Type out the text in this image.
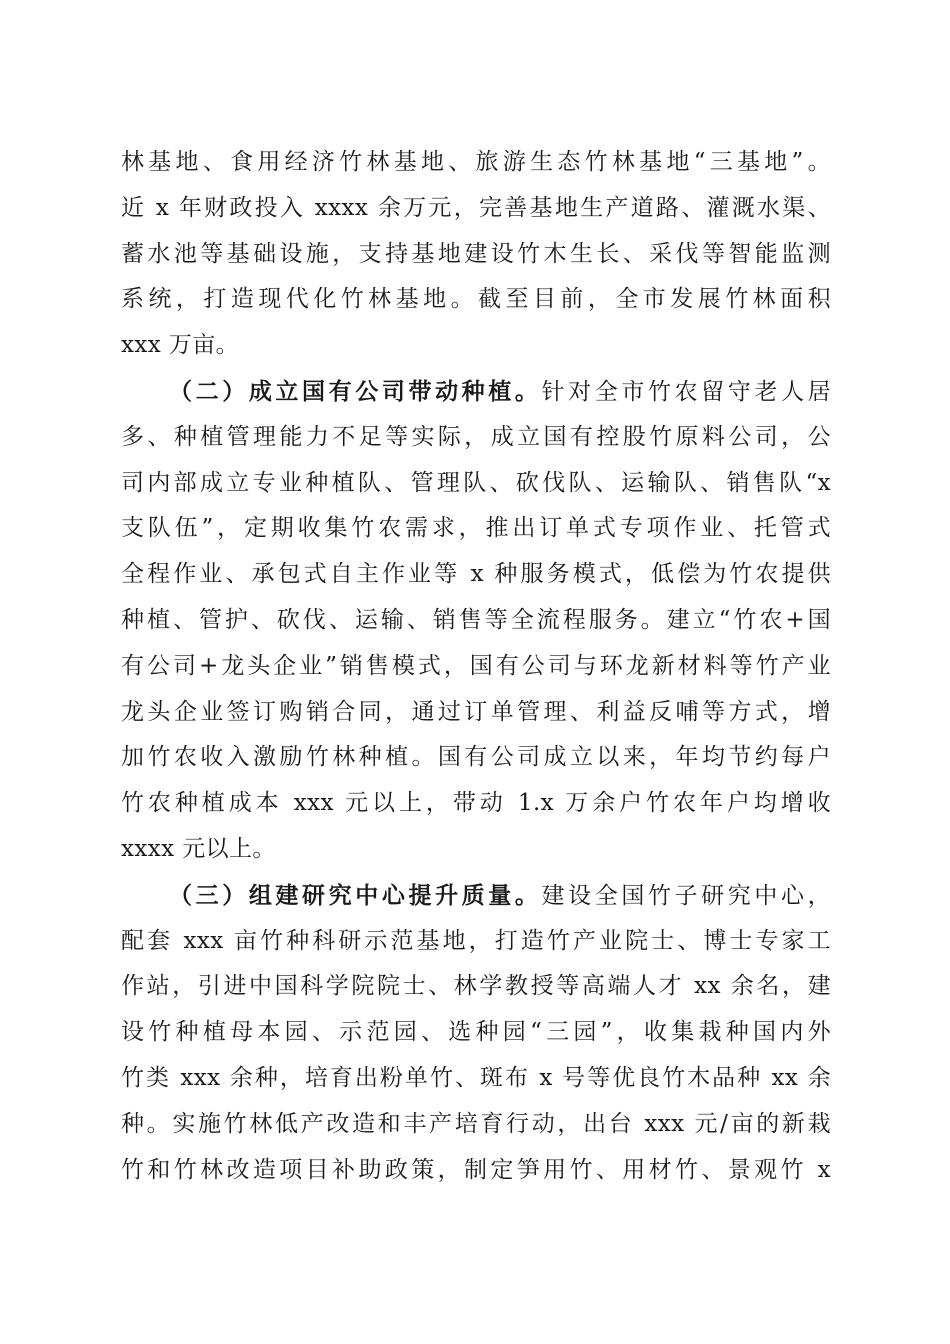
林基地、食用经济竹林基地、旅游生态竹林基地“三基地”。
近 x 年财政投入 xxxx 余万元，完善基地生产道路、灌溉水渠、
蓄水池等基础设施，支持基地建设竹木生长、采伐等智能监测
系统，打造现代化竹林基地。截至目前，全市发展竹林面积
xxx 万亩。
（二）成立国有公司带动种植。针对全市竹农留守老人居
多、种植管理能力不足等实际，成立国有控股竹原料公司，公
司内部成立专业种植队、管理队、砍伐队、运输队、销售队“x
支队伍”，定期收集竹农需求，推出订单式专项作业、托管式
全程作业、承包式自主作业等 x 种服务模式，低偿为竹农提供
种植、管护、砍伐、运输、销售等全流程服务。建立“竹农+国
有公司+龙头企业”销售模式，国有公司与环龙新材料等竹产业
龙头企业签订购销合同，通过订单管理、利益反哺等方式，增
加竹农收入激励竹林种植。国有公司成立以来，年均节约每户
竹农种植成本 xxx 元以上，带动 1.x 万余户竹农年户均增收
xxxx 元以上。
（三）组建研究中心提升质量。建设全国竹子研究中心，
配套 xxx 亩竹种科研示范基地，打造竹产业院士、博士专家工
作站，引进中国科学院院士、林学教授等高端人才 xx 余名，建
设竹种植母本园、示范园、选种园“三园”，收集栽种国内外
竹类 xxx 余种，培育出粉单竹、斑布 x 号等优良竹木品种 xx 余
种。实施竹林低产改造和丰产培育行动，出台 xxx 元/亩的新栽
竹和竹林改造项目补助政策，制定笋用竹、用材竹、景观竹 x
